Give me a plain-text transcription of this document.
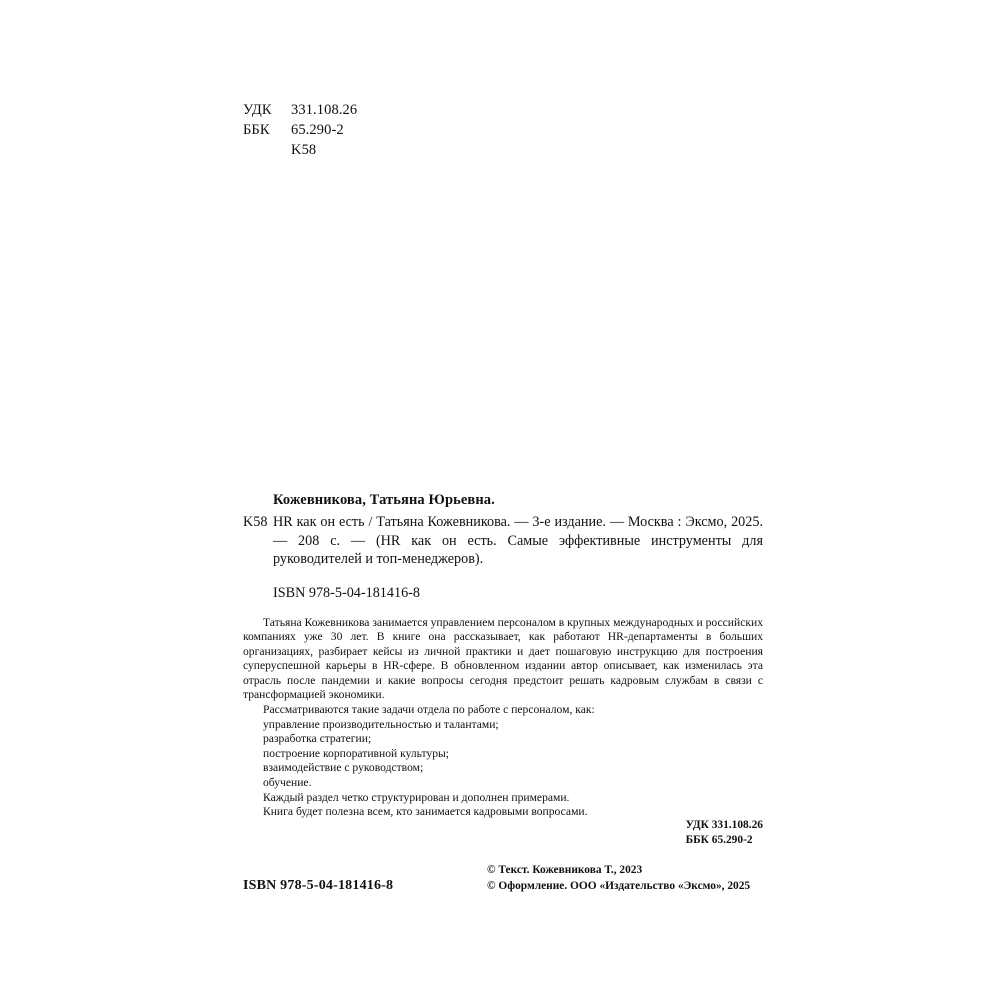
УДК 331.108.26
ББК 65.290-2
K58
Кожевникова, Татьяна Юрьевна.
K58 HR как он есть / Татьяна Кожевникова. — 3-е издание. — Москва : Эксмо, 2025. — 208 с. — (HR как он есть. Самые эффективные инструменты для руководителей и топ-менеджеров).
ISBN 978-5-04-181416-8

Татьяна Кожевникова занимается управлением персоналом в крупных международных и российских компаниях уже 30 лет. В книге она рассказывает, как работают HR-департаменты в больших организациях, разбирает кейсы из личной практики и дает пошаговую инструкцию для построения суперуспешной карьеры в HR-сфере. В обновленном издании автор описывает, как изменилась эта отрасль после пандемии и какие вопросы сегодня предстоит решать кадровым службам в связи с трансформацией экономики.

Рассматриваются такие задачи отдела по работе с персоналом, как:

управление производительностью и талантами;
разработка стратегии;
построение корпоративной культуры;
взаимодействие с руководством;
обучение.

Каждый раздел четко структурирован и дополнен примерами.

Книга будет полезна всем, кто занимается кадровыми вопросами.

УДК 331.108.26
ББК 65.290-2
© Текст. Кожевникова Т., 2023
© Оформление. ООО «Издательство «Эксмо», 2025
ISBN 978-5-04-181416-8
